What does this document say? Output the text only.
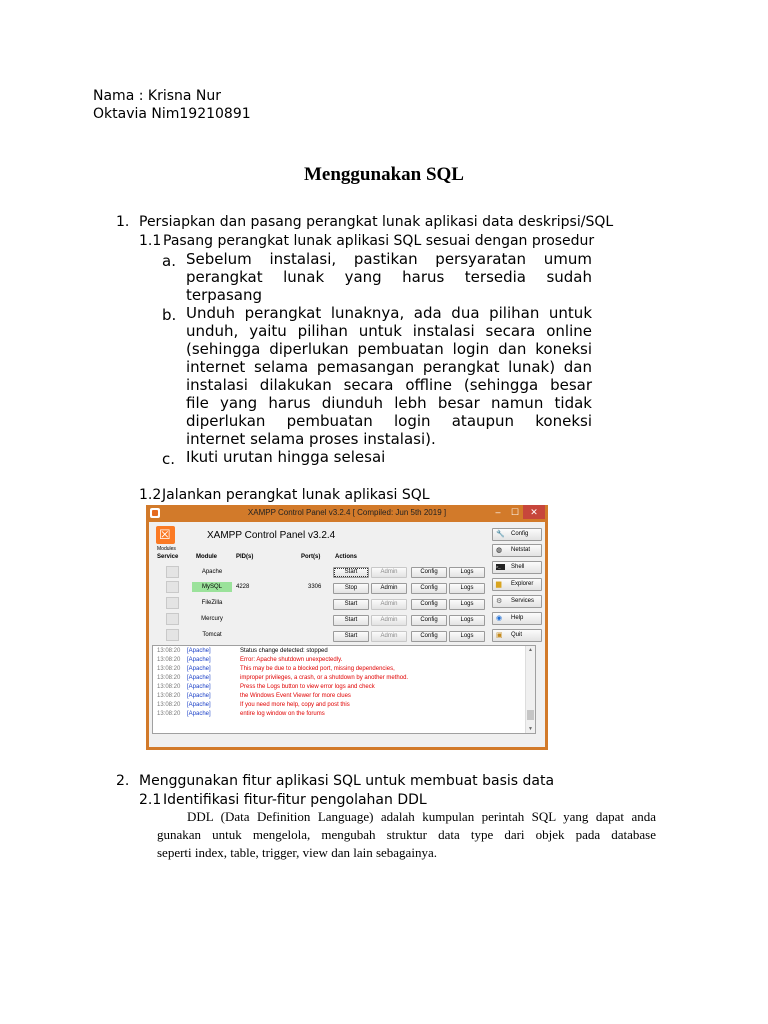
Nama : Krisna Nur
Oktavia Nim19210891
Menggunakan SQL
1. Persiapkan dan pasang perangkat lunak aplikasi data deskripsi/SQL
1.1 Pasang perangkat lunak aplikasi SQL sesuai dengan prosedur
a. Sebelum instalasi, pastikan persyaratan umum
perangkat lunak yang harus tersedia sudah
terpasang
b. Unduh perangkat lunaknya, ada dua pilihan untuk
unduh, yaitu pilihan untuk instalasi secara online
(sehingga diperlukan pembuatan login dan koneksi
internet selama pemasangan perangkat lunak) dan
instalasi dilakukan secara offline (sehingga besar
file yang harus diunduh lebh besar namun tidak
diperlukan pembuatan login ataupun koneksi
internet selama proses instalasi).
c. Ikuti urutan hingga selesai
1.2 Jalankan perangkat lunak aplikasi SQL
XAMPP Control Panel v3.2.4 [ Compiled: Jun 5th 2019 ]	–	☐	✕
☒
XAMPP Control Panel v3.2.4
Modules
Service	Module	PID(s)	Port(s) Actions
Apache	Start	Admin	Config	Logs
MySQL	4228	3306	Stop	Admin	Config	Logs
FileZilla	Start	Admin	Config	Logs
Mercury	Start	Admin	Config	Logs
Tomcat	Start	Admin	Config	Logs
🔧 Config
◍ Netstat
>_	Shell
▆ Explorer
⚙ Services
◉ Help
▣ Quit
13:08:20 [Apache]	Status change detected: stopped
13:08:20 [Apache]	Error: Apache shutdown unexpectedly.
13:08:20 [Apache]	This may be due to a blocked port, missing dependencies,
13:08:20 [Apache]	improper privileges, a crash, or a shutdown by another method.
13:08:20 [Apache]	Press the Logs button to view error logs and check
13:08:20 [Apache]	the Windows Event Viewer for more clues
13:08:20 [Apache]	If you need more help, copy and post this
13:08:20 [Apache]	entire log window on the forums
▲
▼
2. Menggunakan fitur aplikasi SQL untuk membuat basis data
2.1 Identifikasi fitur-fitur pengolahan DDL
DDL (Data Definition Language) adalah kumpulan perintah SQL yang dapat anda
gunakan untuk mengelola, mengubah struktur data type dari objek pada database
seperti index, table, trigger, view dan lain sebagainya.
